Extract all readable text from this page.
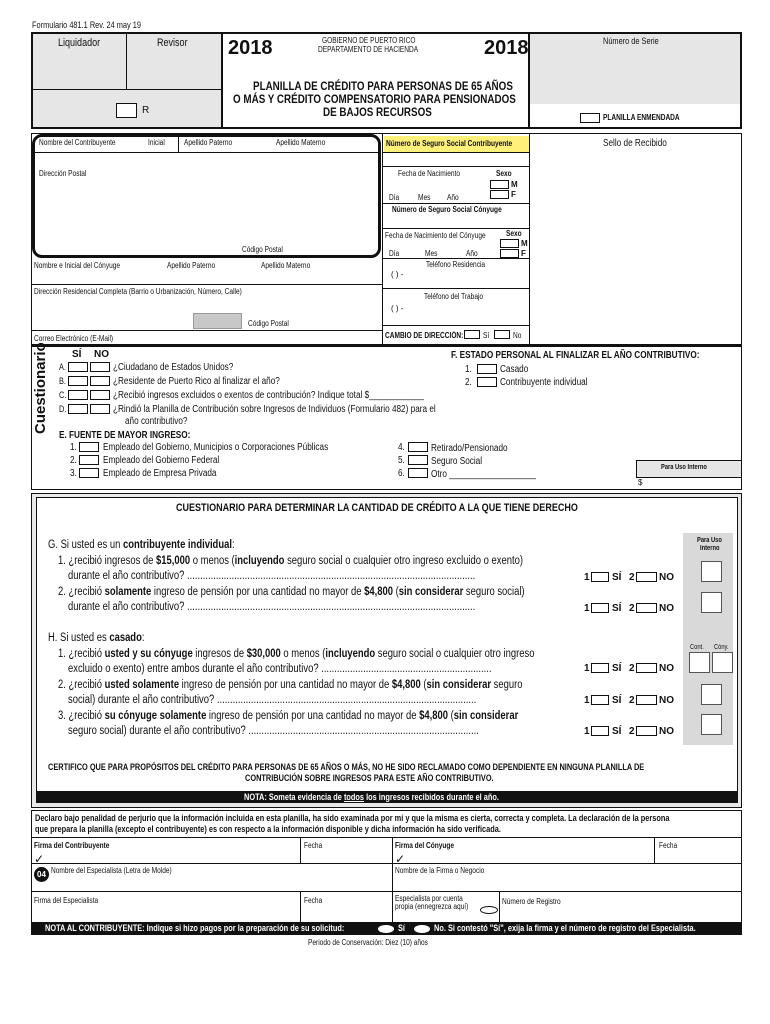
Formulario 481.1 Rev. 24 may 19
Liquidador	Revisor
R
2018	GOBIERNO DE PUERTO RICO
DEPARTAMENTO DE HACIENDA	2018
PLANILLA DE CRÉDITO PARA PERSONAS DE 65 AÑOS
O MÁS Y CRÉDITO COMPENSATORIO PARA PENSIONADOS
DE BAJOS RECURSOS
Número de Serie
PLANILLA ENMENDADA
Nombre del Contribuyente	Inicial Apellido Paterno	Apellido Materno
Dirección Postal
Código Postal
Número de Seguro Social Contribuyente
Fecha de Nacimiento	Sexo
M
F
Día Mes Año
Número de Seguro Social Cónyuge
Fecha de Nacimiento del Cónyuge	Sexo
M
F
Día	Mes	Año
Teléfono Residencia
( ) -
Teléfono del Trabajo
( ) -
CAMBIO DE DIRECCIÓN: Sí	No
Sello de Recibido
Nombre e Inicial del Cónyuge	Apellido Paterno	Apellido Materno
Dirección Residencial Completa (Barrio o Urbanización, Número, Calle)
Código Postal
Correo Electrónico (E-Mail)
Cuestionario SÍ NO
A.	¿Ciudadano de Estados Unidos?
B.	¿Residente de Puerto Rico al finalizar el año?
C.	¿Recibió ingresos excluidos o exentos de contribución? Indique total $____________
D.	¿Rindió la Planilla de Contribución sobre Ingresos de Individuos (Formulario 482) para el
año contributivo?
E. FUENTE DE MAYOR INGRESO:
1.	Empleado del Gobierno, Municipios o Corporaciones Públicas
2.	Empleado del Gobierno Federal
3.	Empleado de Empresa Privada
4.	Retirado/Pensionado
5.	Seguro Social
6.	Otro ___________________
F. ESTADO PERSONAL AL FINALIZAR EL AÑO CONTRIBUTIVO:
1.	Casado
2.	Contribuyente individual
Para Uso Interno
$
CUESTIONARIO PARA DETERMINAR LA CANTIDAD DE CRÉDITO A LA QUE TIENE DERECHO
Para Uso
Interno
G. Si usted es un contribuyente individual:
1. ¿recibió ingresos de $15,000 o menos (incluyendo seguro social o cualquier otro ingreso excluido o exento)
durante el año contributivo? ..............................................................................................................	1 SÍ 2 NO
2. ¿recibió solamente ingreso de pensión por una cantidad no mayor de $4,800 (sin considerar seguro social)
durante el año contributivo? ..............................................................................................................	1 SÍ 2 NO
H. Si usted es casado:
Cont. Cóny.
1. ¿recibió usted y su cónyuge ingresos de $30,000 o menos (incluyendo seguro social o cualquier otro ingreso
excluido o exento) entre ambos durante el año contributivo? .................................................................	1 SÍ 2 NO
2. ¿recibió usted solamente ingreso de pensión por una cantidad no mayor de $4,800 (sin considerar seguro
social) durante el año contributivo? ...................................................................................................	1 SÍ 2 NO
3. ¿recibió su cónyuge solamente ingreso de pensión por una cantidad no mayor de $4,800 (sin considerar
seguro social) durante el año contributivo? ........................................................................................	1 SÍ 2 NO
CERTIFICO QUE PARA PROPÓSITOS DEL CRÉDITO PARA PERSONAS DE 65 AÑOS O MÁS, NO HE SIDO RECLAMADO COMO DEPENDIENTE EN NINGUNA PLANILLA DE
CONTRIBUCIÓN SOBRE INGRESOS PARA ESTE AÑO CONTRIBUTIVO.
NOTA: Someta evidencia de todos los ingresos recibidos durante el año.
Declaro bajo penalidad de perjurio que la información incluida en esta planilla, ha sido examinada por mí y que la misma es cierta, correcta y completa. La declaración de la persona
que prepara la planilla (excepto el contribuyente) es con respecto a la información disponible y dicha información ha sido verificada.
Firma del Contribuyente
✓
Fecha	Firma del Cónyuge
✓
Fecha
04 Nombre del Especialista (Letra de Molde)	Nombre de la Firma o Negocio
Firma del Especialista	Fecha	Especialista por cuenta
propia (ennegrezca aquí)
Número de Registro
NOTA AL CONTRIBUYENTE: Indique si hizo pagos por la preparación de su solicitud:	Sí	No. Si contestó "Sí", exija la firma y el número de registro del Especialista.
Periodo de Conservación: Diez (10) años
